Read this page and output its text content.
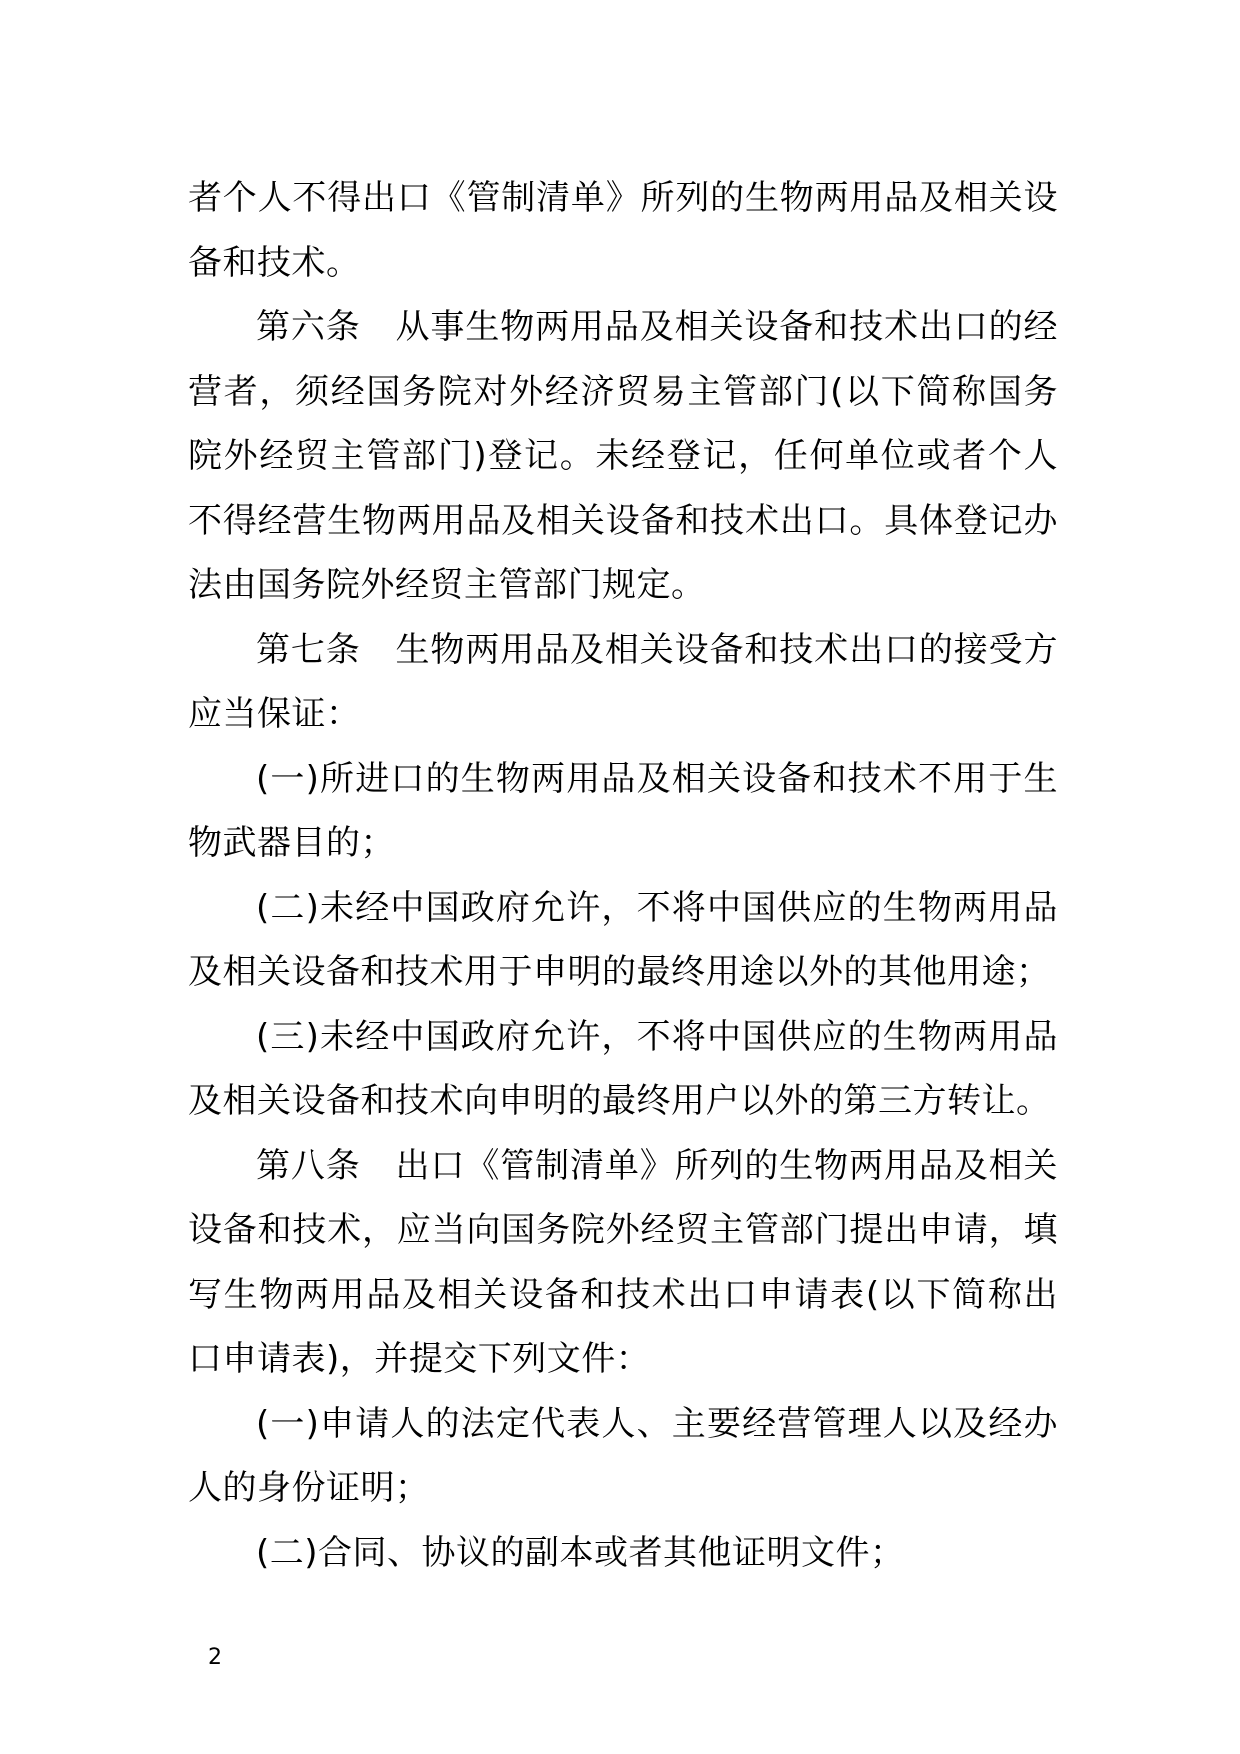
者个人不得出口《管制清单》所列的生物两用品及相关设备和技术。

第六条　从事生物两用品及相关设备和技术出口的经营者，须经国务院对外经济贸易主管部门(以下简称国务院外经贸主管部门)登记。未经登记，任何单位或者个人不得经营生物两用品及相关设备和技术出口。具体登记办法由国务院外经贸主管部门规定。

第七条　生物两用品及相关设备和技术出口的接受方应当保证：

(一)所进口的生物两用品及相关设备和技术不用于生物武器目的；

(二)未经中国政府允许，不将中国供应的生物两用品及相关设备和技术用于申明的最终用途以外的其他用途；

(三)未经中国政府允许，不将中国供应的生物两用品及相关设备和技术向申明的最终用户以外的第三方转让。

第八条　出口《管制清单》所列的生物两用品及相关设备和技术，应当向国务院外经贸主管部门提出申请，填写生物两用品及相关设备和技术出口申请表(以下简称出口申请表)，并提交下列文件：

(一)申请人的法定代表人、主要经营管理人以及经办人的身份证明；

(二)合同、协议的副本或者其他证明文件；

2
